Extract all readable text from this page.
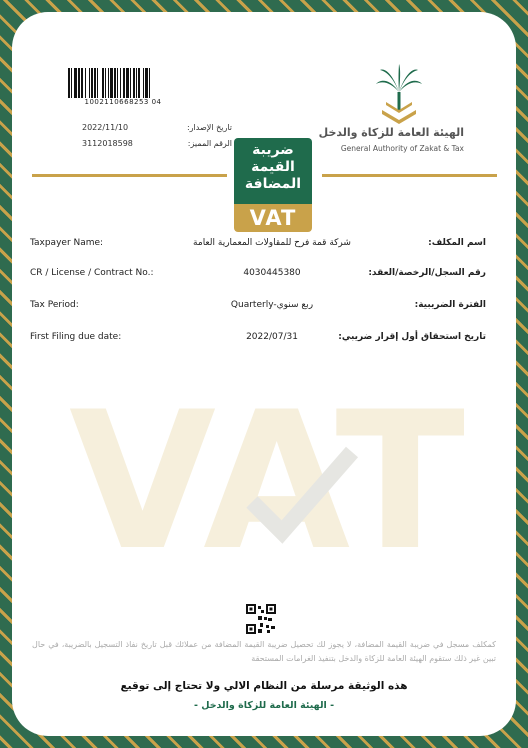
1002110668253 04
2022/11/10	تاريخ الإصدار:
3112018598	الرقم المميز:
الهيئة العامة للزكاة والدخل
General Authority of Zakat & Tax
ضريبة
القيمة
المضافة
VAT
Taxpayer Name:	شركة قمة فرح للمقاولات المعمارية العامة	اسم المكلف:
CR / License / Contract No.:	4030445380	رقم السجل/الرخصة/العقد:
Tax Period:	Quarterly-ربع سنوي	الفترة الضريبية:
First Filing due date:	2022/07/31	تاريخ استحقاق أول إقرار ضريبي:
VAT
كمكلف مسجل في ضريبة القيمة المضافة، لا يجوز لك تحصيل ضريبة القيمة المضافة من عملائك قبل تاريخ نفاذ التسجيل بالضريبة، في حال تبين غير ذلك ستقوم الهيئة العامة للزكاة والدخل بتنفيذ الغرامات المستحقة
هذه الوثيقة مرسلة من النظام الالي ولا تحتاج إلى توقيع
- الهيئة العامة للزكاة والدخل -
